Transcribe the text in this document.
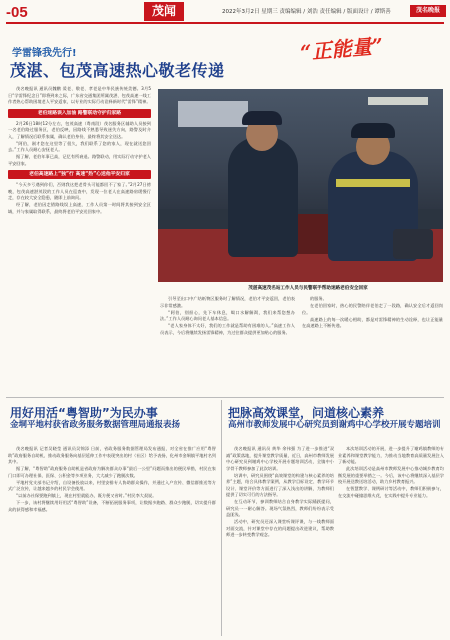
-05	茂闻	2022年3月2日 星期三 责编编辑 / 刘浩 责任编辑 / 版面设计 / 谭斯善	茂名晚报
学雷锋我先行!
茂湛、包茂高速热心敬老传递
“正能量”

茂名晚报讯 通讯员魏鹏 爱老、敬老、孝老是中华民族传统美德。3月5日“学雷锋纪念日”即将到来之际，广东省交通集团所属茂湛、包茂高速一线工作者热心帮助困境老人平安返家，以专业的实际行动诠释新时代“雷锋”精神。

老伯迷路误入加油 路警联动守护归家路

2月26日18时12分左右，包茂高速（粤南段）茂名服务区辅助人员接到一名老伯路过服务区，老伯反映，因路线不熟悉导致迷失方向，路警及时介入，了解情况后联系家属，确认老伯身份，最终将其安全送达。

“阿伯，刚才您在这里等了很久，我们联系了您的家人，现在就送您回去。”工作人员耐心安抚老人。

据了解，老伯年事已高，记忆有所衰退。路警联动，用实际行动守护老人平安回家。

老伯高速路上“独”行 高速“热”心送他平安归家

“今天多亏遇到你们，否则我这把老骨头可能都回不了家了。”2月27日傍晚，包茂高速湛茂段的工作人员在巡查中，发现一位老人在高速路肩缓慢行走，存在较大安全隐患，随即上前询问。

经了解，老伯因走错路线误上高速，工作人员第一时间将其接到安全区域，并与家属取得联系，最终将老伯平安送回家中。

茂湛高速茂名站工作人员与民警联手帮助迷路老伯安全回家

引导至出口中广结纸物区服务时了解情况，老伯才平安返回，老伯表示非常感激。

“阿伯，别担心，先下车休息，喝口水解解渴，我们来帮您想办法。”工作人员耐心询问老人基本信息。

“老人家身体不太好，我们的工作就是帮助有困难的人。”高速工作人员表示，今后将继续发扬雷锋精神，为过往群众提供更加贴心的服务。

的服务。

在老伯回家时，热心的民警陪伴老伯走了一段路，确认安全后才返回岗位。

高速路上的每一次暖心相助，都是对雷锋精神的生动诠释，也让正能量在高速路上不断传递。

用好用活“粤智助”为民办事
金垌平地村获省政务服务数据管理局通报表扬

茂名晚报讯 记者吴晓莹 通讯员吴锦添 日前，省政务服务数据管理局发布通报，对全省在推广应用“粤智助”政府服务自助机、推动政务服务向基层延伸工作中表现突出的村（社区）给予表扬，化州市金垌镇平地村名列其中。

据了解，“粤智助”政府服务自助机是省政府为解决群众办事“最后一公里”问题而推出的便民举措，村民在家门口即可办理社保、医保、公积金等多项业务，大大减少了跑腿次数。

平地村党支部书记介绍，自设备投放以来，村里安排专人协助群众操作，并通过入户宣传、微信群推送等方式广泛宣传，让越来越多的村民学会使用。

“以前办社保要跑到镇上，现在村里就能办，既方便又省时。”村民李大叔说。

下一步，该村将继续用好用活“粤智助”设备，不断拓展服务事项，让数据多跑路、群众少跑腿，切实提升群众的获得感和幸福感。

把脉高效课堂，问道核心素养
高州市教师发展中心研究员到谢鸡中心学校开展专题培训

茂名晚报讯 通讯员 黄华 余伟强 为了进一步推进“双减”政策落地，提升课堂教学质量，近日，高州市教师发展中心研究员到谢鸡中心学校开展专题培训活动，全镇中小学骨干教师参加了此次培训。

培训中，研究员围绕“高效课堂的构建与核心素养的培养”主题，结合具体教学案例，从教学目标设定、教学环节设计、课堂评价等方面进行了深入浅出的讲解，为教师们提供了切实可行的方法指导。

在互动环节，参训教师结合自身教学实际踊跃提问，研究员一一耐心解答。现场气氛热烈，教师们纷纷表示受益匪浅。

活动中，研究员还深入课堂听课评课，与一线教师面对面交流，针对课堂中存在的问题提出改进建议，帮助教师进一步转变教学观念。

本次培训活动的开展，进一步提升了谢鸡镇教师的专业素养和课堂教学能力，为推动当地教育高质量发展注入了新动能。

此次培训活动是高州市教师发展中心推动城乡教育均衡发展的重要举措之一。今后，该中心将继续深入基层学校开展送教送培活动，助力乡村教育振兴。

在智慧教学、课例研讨等活动中，教师们积极参与，在交流中碰撞思维火花，在实践中提升专业能力。
